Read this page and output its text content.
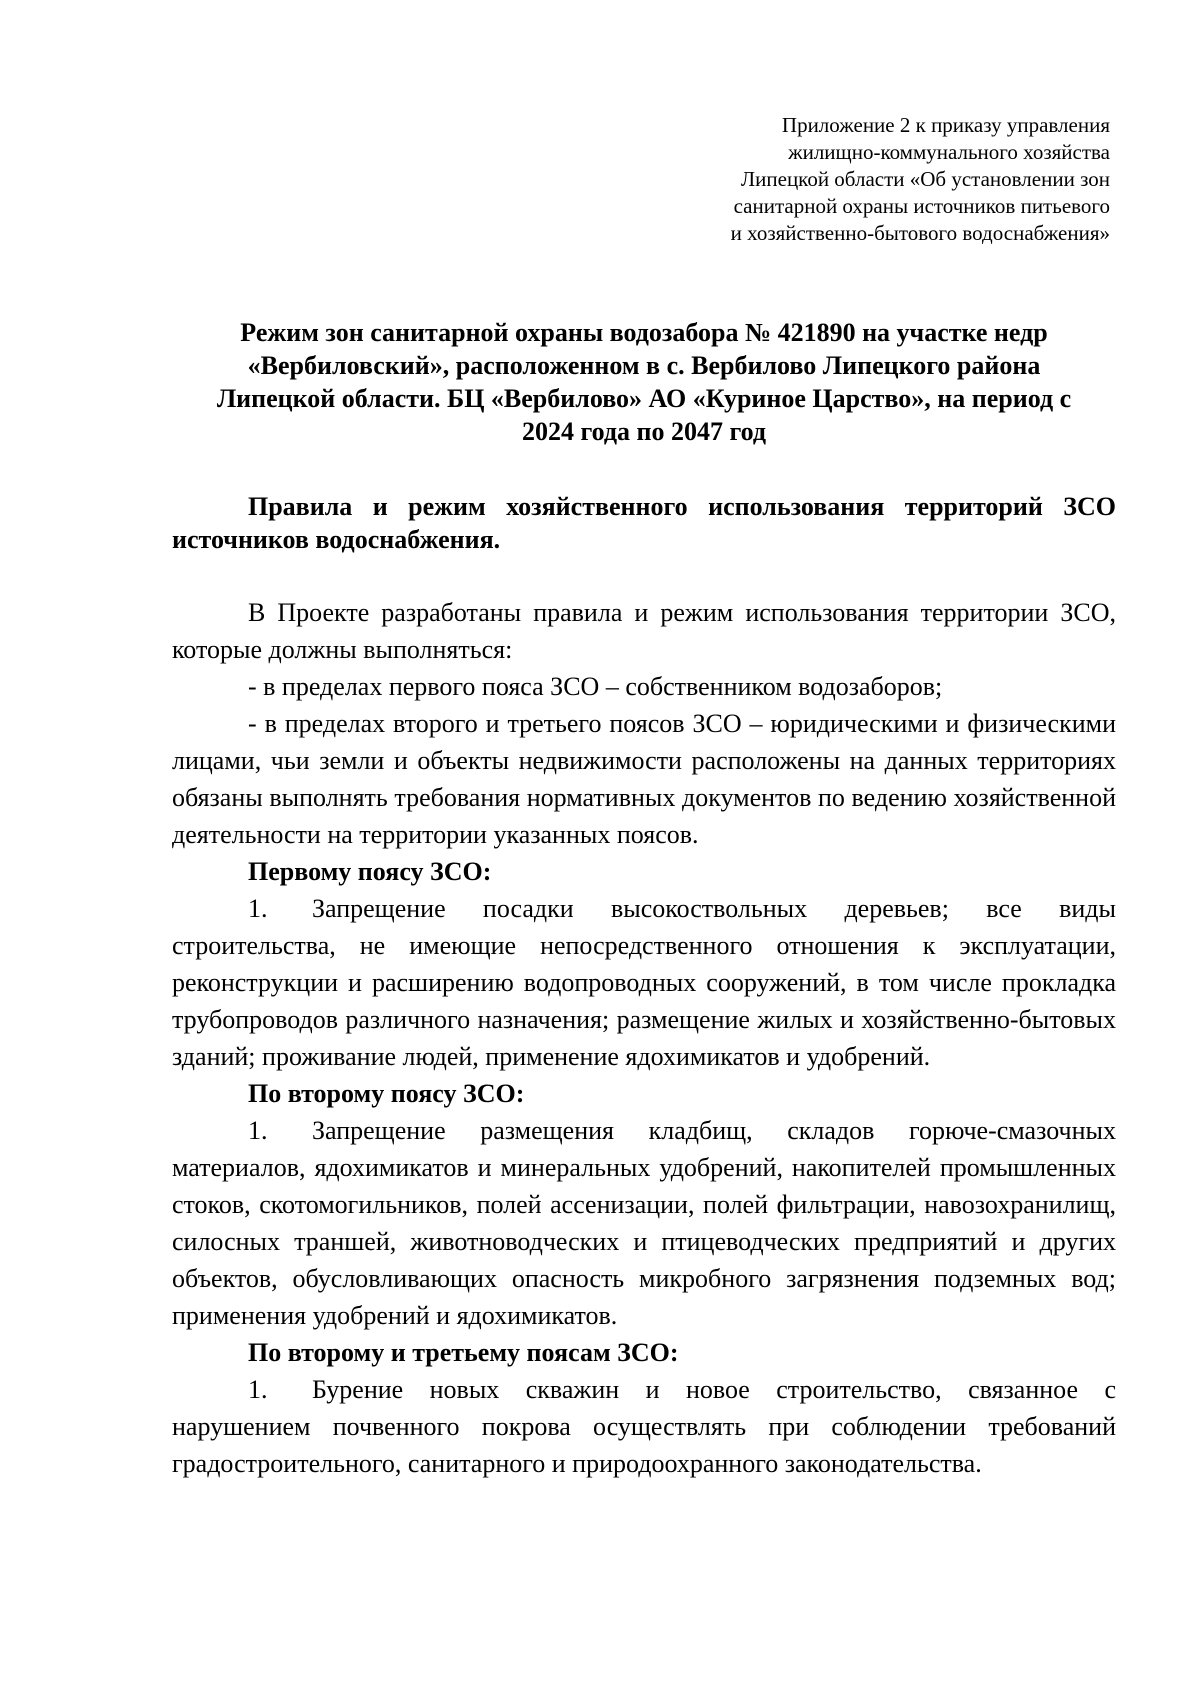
Приложение 2 к приказу управления
жилищно-коммунального хозяйства
Липецкой области «Об установлении зон
санитарной охраны источников питьевого
и хозяйственно-бытового водоснабжения»
Режим зон санитарной охраны водозабора № 421890 на участке недр
«Вербиловский», расположенном в с. Вербилово Липецкого района
Липецкой области. БЦ «Вербилово» АО «Куриное Царство», на период с
2024 года по 2047 год
Правила и режим хозяйственного использования территорий ЗСО источников водоснабжения.

В Проекте разработаны правила и режим использования территории ЗСО, которые должны выполняться:

- в пределах первого пояса ЗСО – собственником водозаборов;

- в пределах второго и третьего поясов ЗСО – юридическими и физическими лицами, чьи земли и объекты недвижимости расположены на данных территориях обязаны выполнять требования нормативных документов по ведению хозяйственной деятельности на территории указанных поясов.

Первому поясу ЗСО:

1. Запрещение посадки высокоствольных деревьев; все виды строительства, не имеющие непосредственного отношения к эксплуатации, реконструкции и расширению водопроводных сооружений, в том числе прокладка трубопроводов различного назначения; размещение жилых и хозяйственно-бытовых зданий; проживание людей, применение ядохимикатов и удобрений.

По второму поясу ЗСО:

1. Запрещение размещения кладбищ, складов горюче-смазочных материалов, ядохимикатов и минеральных удобрений, накопителей промышленных стоков, скотомогильников, полей ассенизации, полей фильтрации, навозохранилищ, силосных траншей, животноводческих и птицеводческих предприятий и других объектов, обусловливающих опасность микробного загрязнения подземных вод; применения удобрений и ядохимикатов.

По второму и третьему поясам ЗСО:

1. Бурение новых скважин и новое строительство, связанное с нарушением почвенного покрова осуществлять при соблюдении требований градостроительного, санитарного и природоохранного законодательства.
